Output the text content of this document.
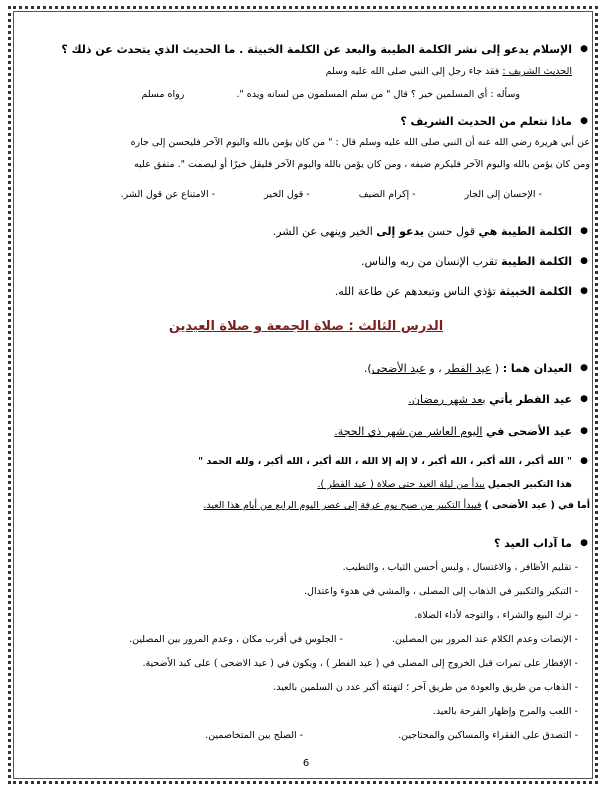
●
الإسلام يدعو إلى نشر الكلمة الطيبة والبعد عن الكلمة الخبيثة . ما الحديث الذي يتحدث عن ذلك ؟
الحديث الشريف : فقد جاء رجل إلى النبي صلى الله عليه وسلم
وسأله : أي المسلمين خير ؟ قال " من سلم المسلمون من لسانه ويده ".  رواه مسلم
●
ماذا نتعلم من الحديث الشريف ؟
عن أبي هريرة رضي الله عنه أن النبي صلى الله عليه وسلم قال : " من كان يؤمن بالله واليوم الآخر فليحسن إلى جاره
ومن كان يؤمن بالله واليوم الآخر فليكرم ضيفه ، ومن كان يؤمن بالله واليوم الآخر فليقل خيرًا أو ليصمت ". متفق عليه
- الإحسان إلى الجار - إكرام الضيف - قول الخير - الامتناع عن قول الشر.
●
الكلمة الطيبة هي قول حسن يدعو إلى الخير وينهى عن الشر.
●
الكلمة الطيبة تقرب الإنسان من ربه والناس.
●
الكلمة الخبيثة تؤذي الناس وتبعدهم عن طاعة الله.
الدرس الثالث : صلاة الجمعة و صلاة العيدين
●
العيدان هما : ( عيد الفطر ، و عيد الأضحى).
●
عيد الفطر يأتي بعد شهر رمضان.
●
عيد الأضحى في اليوم العاشر من شهر ذي الحجة.
●
" الله أكبر ، الله أكبر ، الله أكبر ، لا إله إلا الله ، الله أكبر ، الله أكبر ، ولله الحمد "
هذا التكبير الجميل يبدأ من ليلة العيد حتى صلاة ( عيد الفطر ).
أما في ( عيد الأضحى ) فيبدأ التكبير من صبح يوم عرفة إلى عصر اليوم الرابع من أيام هذا العيد.
●
ما آداب العيد ؟
- تقليم الأظافر ، والاغتسال ، ولبس أحسن الثياب ، والتطيب.
- التبكير والتكبير في الذهاب إلى المصلى ، والمشي في هدوء واعتدال.
- ترك البيع والشراء ، والتوجه لأداء الصلاة.
- الإنصات وعدم الكلام عند المرور بين المصلين. - الجلوس في أقرب مكان ، وعدم المرور بين المصلين.
- الإفطار على تمرات قبل الخروج إلى المصلى في ( عيد الفطر ) ، ويكون في ( عيد الاضحى ) على كبد الأضحية.
- الذهاب من طريق والعودة من طريق آخر ؛ لتهنئة أكبر عدد ن السلمين بالعيد.
- اللعب والمرح وإظهار الفرحة بالعيد.
- التصدق على الفقراء والمساكين والمحتاجين. - الصلح بين المتخاصمين.
6
